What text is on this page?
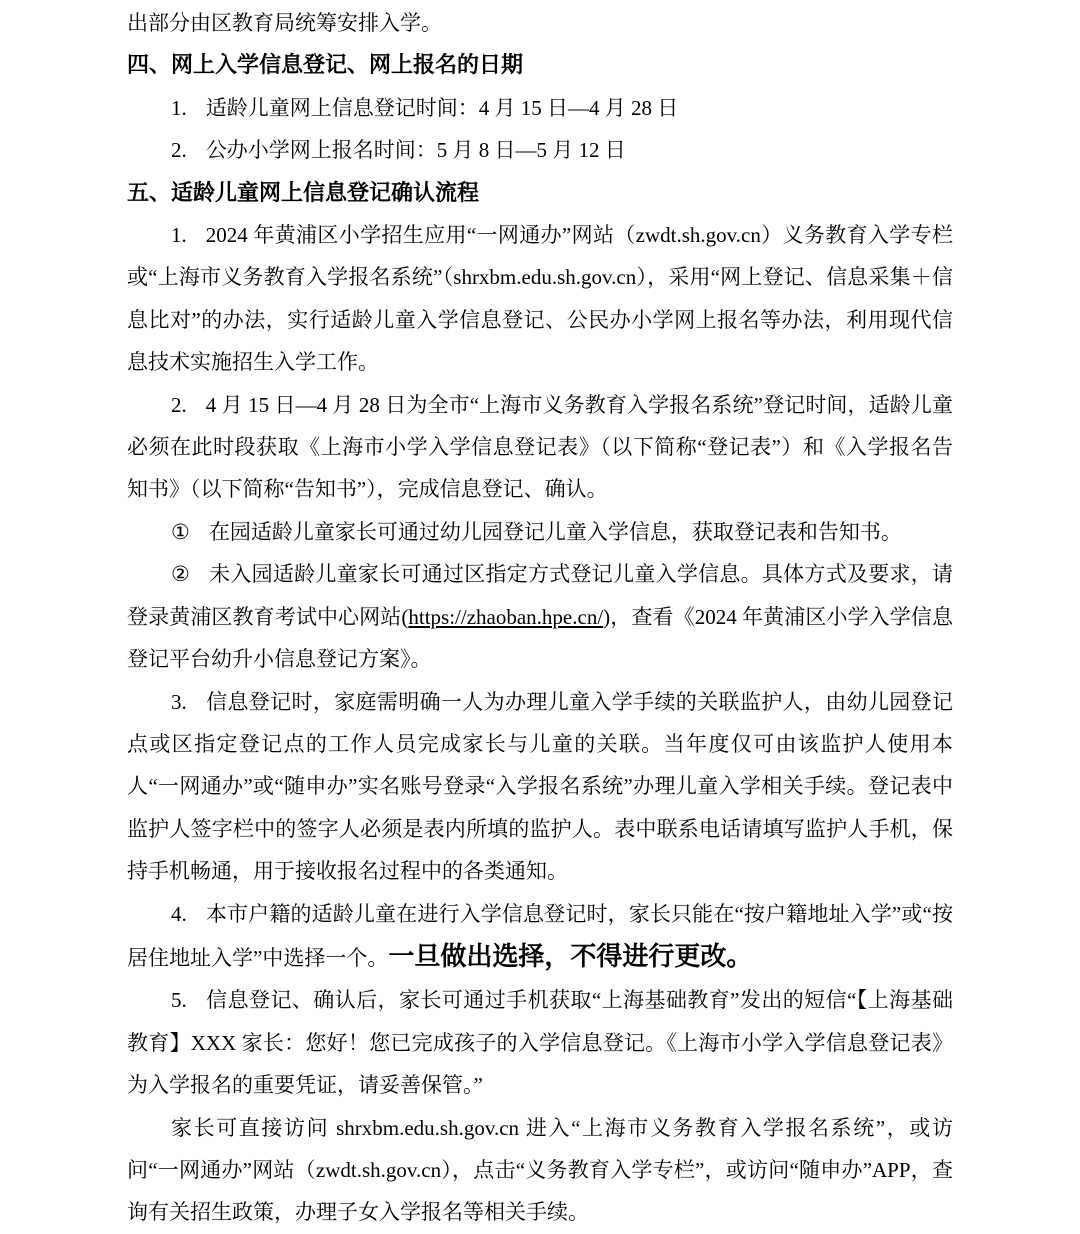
出部分由区教育局统筹安排入学。

四、网上入学信息登记、网上报名的日期

1. 适龄儿童网上信息登记时间：4 月 15 日—4 月 28 日

2. 公办小学网上报名时间：5 月 8 日—5 月 12 日

五、适龄儿童网上信息登记确认流程

1. 2024 年黄浦区小学招生应用“一网通办”网站（zwdt.sh.gov.cn）义务教育入学专栏或“上海市义务教育入学报名系统”（shrxbm.edu.sh.gov.cn），采用“网上登记、信息采集＋信息比对”的办法，实行适龄儿童入学信息登记、公民办小学网上报名等办法，利用现代信息技术实施招生入学工作。

2. 4 月 15 日—4 月 28 日为全市“上海市义务教育入学报名系统”登记时间，适龄儿童必须在此时段获取《上海市小学入学信息登记表》（以下简称“登记表”）和《入学报名告知书》（以下简称“告知书”），完成信息登记、确认。

① 在园适龄儿童家长可通过幼儿园登记儿童入学信息，获取登记表和告知书。

② 未入园适龄儿童家长可通过区指定方式登记儿童入学信息。具体方式及要求，请登录黄浦区教育考试中心网站(https://zhaoban.hpe.cn/)，查看《2024 年黄浦区小学入学信息登记平台幼升小信息登记方案》。

3. 信息登记时，家庭需明确一人为办理儿童入学手续的关联监护人，由幼儿园登记点或区指定登记点的工作人员完成家长与儿童的关联。当年度仅可由该监护人使用本人“一网通办”或“随申办”实名账号登录“入学报名系统”办理儿童入学相关手续。登记表中监护人签字栏中的签字人必须是表内所填的监护人。表中联系电话请填写监护人手机，保持手机畅通，用于接收报名过程中的各类通知。

4. 本市户籍的适龄儿童在进行入学信息登记时，家长只能在“按户籍地址入学”或“按居住地址入学”中选择一个。一旦做出选择，不得进行更改。

5. 信息登记、确认后，家长可通过手机获取“上海基础教育”发出的短信“【上海基础教育】XXX 家长：您好！您已完成孩子的入学信息登记。《上海市小学入学信息登记表》为入学报名的重要凭证，请妥善保管。”

家长可直接访问 shrxbm.edu.sh.gov.cn 进入“上海市义务教育入学报名系统”，或访问“一网通办”网站（zwdt.sh.gov.cn），点击“义务教育入学专栏”，或访问“随申办”APP，查询有关招生政策，办理子女入学报名等相关手续。
